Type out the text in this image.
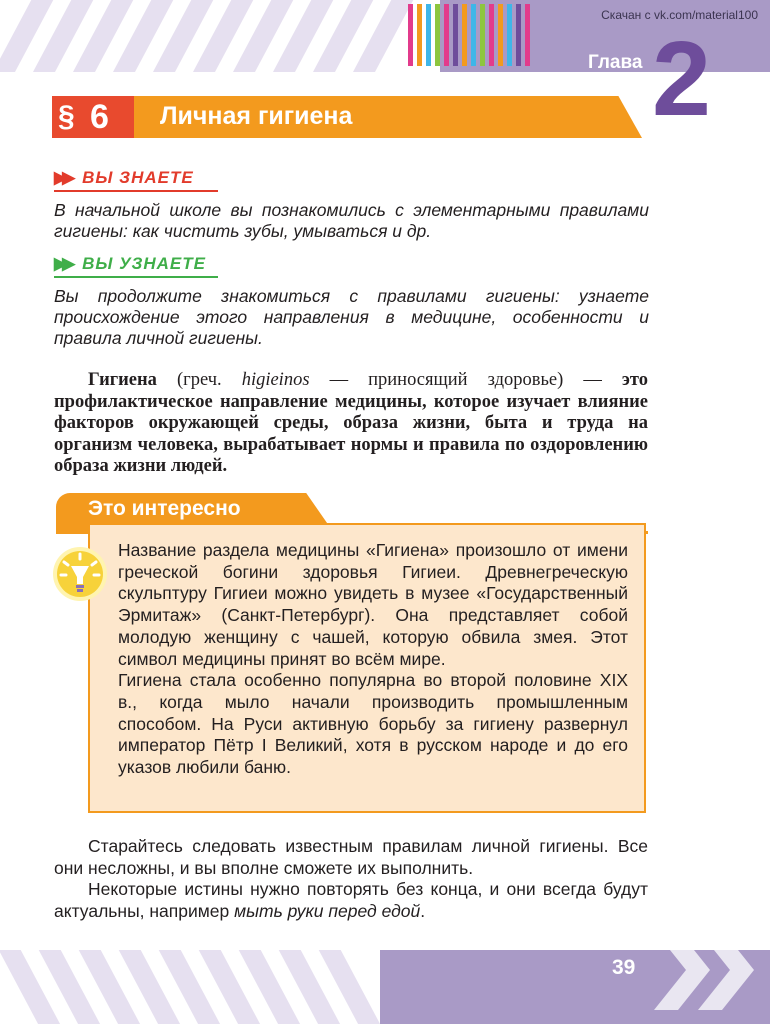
Скачан с vk.com/material100
Глава 2
§ 6 Личная гигиена
▶▶ ВЫ ЗНАЕТЕ

В начальной школе вы познакомились с элементарными правилами гигиены: как чистить зубы, умываться и др.

▶▶ ВЫ УЗНАЕТЕ

Вы продолжите знакомиться с правилами гигиены: узнаете происхождение этого направления в медицине, особенности и правила личной гигиены.

Гигиена (греч. higieinos — приносящий здоровье) — это профилактическое направление медицины, которое изучает влияние факторов окружающей среды, образа жизни, быта и труда на организм человека, вырабатывает нормы и правила по оздоровлению образа жизни людей.

Это интересно
Название раздела медицины «Гигиена» произошло от имени греческой богини здоровья Гигиеи. Древнегреческую скульптуру Гигиеи можно увидеть в музее «Государственный Эрмитаж» (Санкт-Петербург). Она представляет собой молодую женщину с чашей, которую обвила змея. Этот символ медицины принят во всём мире.
Гигиена стала особенно популярна во второй половине XIX в., когда мыло начали производить промышленным способом. На Руси активную борьбу за гигиену развернул император Пётр I Великий, хотя в русском народе и до его указов любили баню.

Старайтесь следовать известным правилам личной гигиены. Все они несложны, и вы вполне сможете их выполнить.

Некоторые истины нужно повторять без конца, и они всегда будут актуальны, например мыть руки перед едой.

39
